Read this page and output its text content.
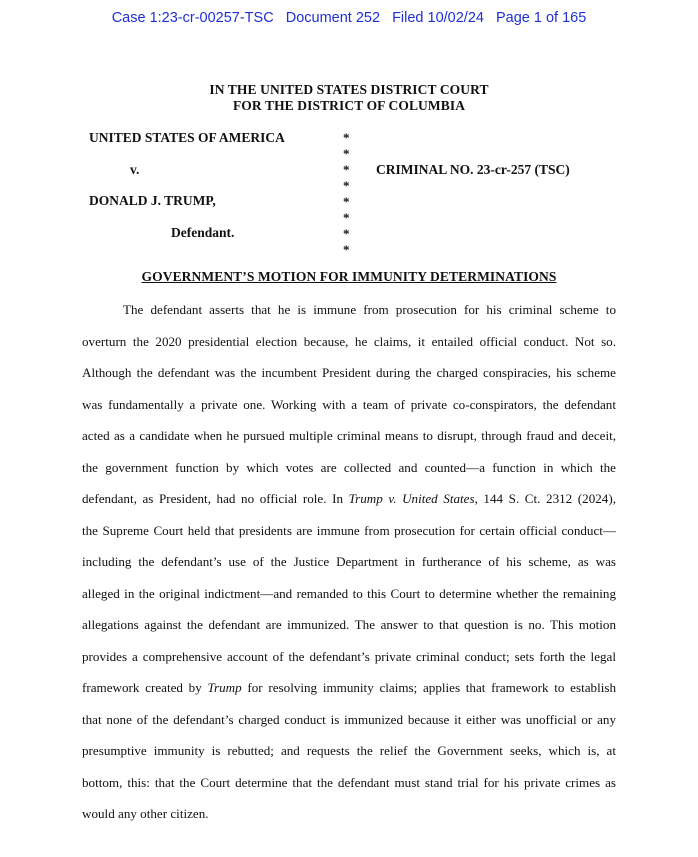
Case 1:23-cr-00257-TSC Document 252 Filed 10/02/24 Page 1 of 165
IN THE UNITED STATES DISTRICT COURT
FOR THE DISTRICT OF COLUMBIA
UNITED STATES OF AMERICA
v.
DONALD J. TRUMP,
Defendant.
CRIMINAL NO. 23-cr-257 (TSC)
*
*
*
*
*
*
*
*
GOVERNMENT’S MOTION FOR IMMUNITY DETERMINATIONS
The defendant asserts that he is immune from prosecution for his criminal scheme to
overturn the 2020 presidential election because, he claims, it entailed official conduct. Not so.
Although the defendant was the incumbent President during the charged conspiracies, his scheme
was fundamentally a private one. Working with a team of private co-conspirators, the defendant
acted as a candidate when he pursued multiple criminal means to disrupt, through fraud and deceit,
the government function by which votes are collected and counted—a function in which the
defendant, as President, had no official role. In Trump v. United States, 144 S. Ct. 2312 (2024),
the Supreme Court held that presidents are immune from prosecution for certain official conduct—
including the defendant’s use of the Justice Department in furtherance of his scheme, as was
alleged in the original indictment—and remanded to this Court to determine whether the remaining
allegations against the defendant are immunized. The answer to that question is no. This motion
provides a comprehensive account of the defendant’s private criminal conduct; sets forth the legal
framework created by Trump for resolving immunity claims; applies that framework to establish
that none of the defendant’s charged conduct is immunized because it either was unofficial or any
presumptive immunity is rebutted; and requests the relief the Government seeks, which is, at
bottom, this: that the Court determine that the defendant must stand trial for his private crimes as
would any other citizen.
